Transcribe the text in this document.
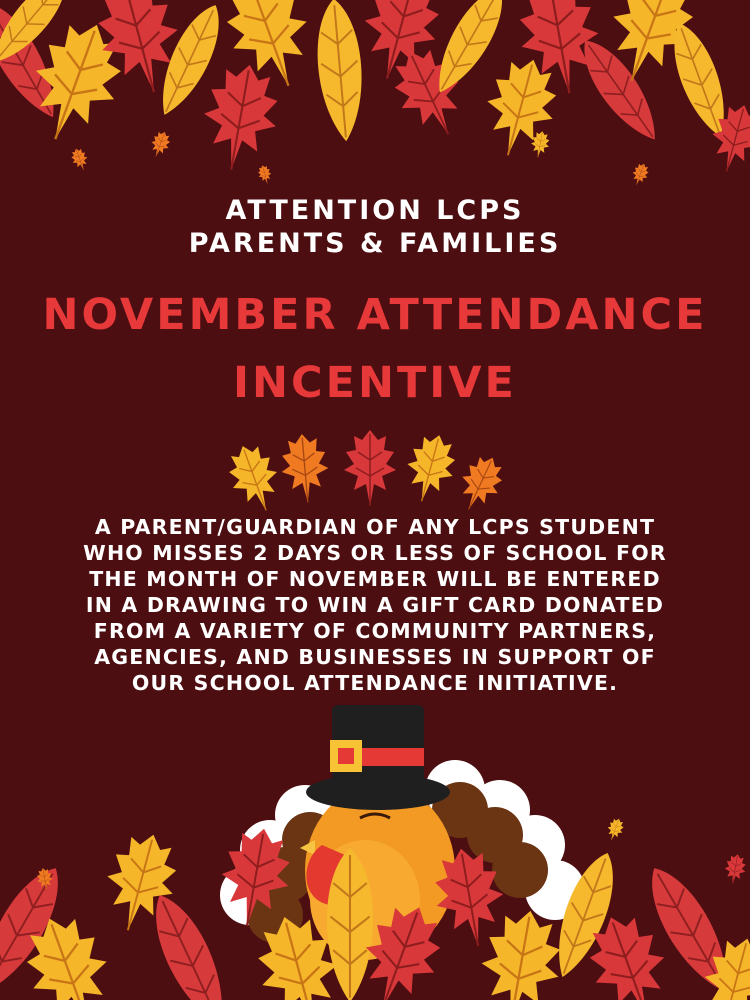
ATTENTION LCPS
PARENTS & FAMILIES
NOVEMBER ATTENDANCE
INCENTIVE
A PARENT/GUARDIAN OF ANY LCPS STUDENT
WHO MISSES 2 DAYS OR LESS OF SCHOOL FOR
THE MONTH OF NOVEMBER WILL BE ENTERED
IN A DRAWING TO WIN A GIFT CARD DONATED
FROM A VARIETY OF COMMUNITY PARTNERS,
AGENCIES, AND BUSINESSES IN SUPPORT OF
OUR SCHOOL ATTENDANCE INITIATIVE.
